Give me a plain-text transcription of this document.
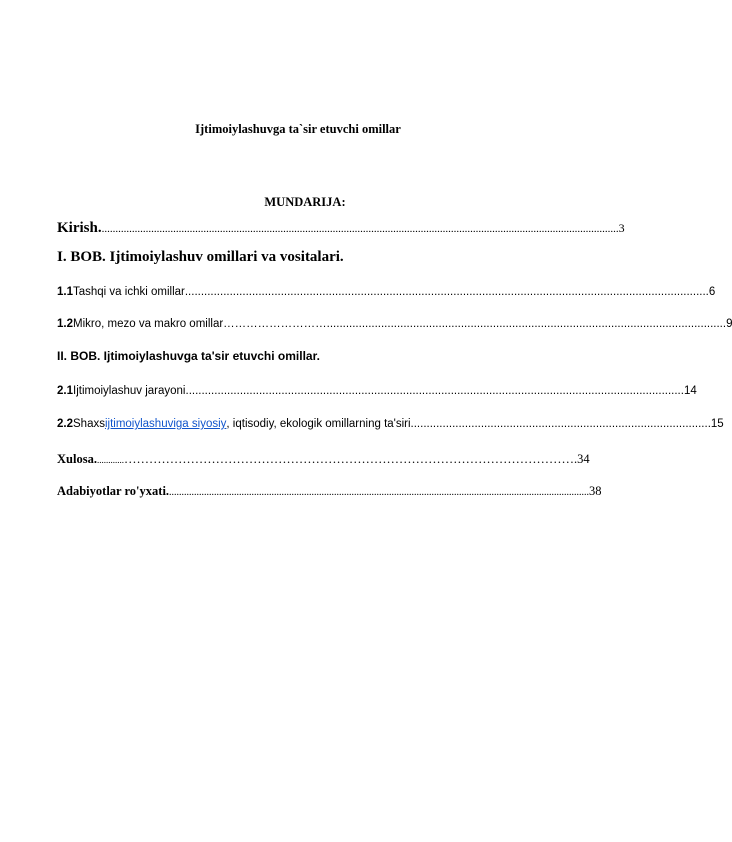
Ijtimoiylashuvga ta`sir etuvchi omillar
MUNDARIJA:
Kirish. ............................................................................................................................................................................................ 3
I. BOB. Ijtimoiylashuv omillari va vositalari.
1.1 Tashqi va ichki omillar .................................................................................................................................................................... 6
1.2 Mikro, mezo va makro omillar ………………………............................................................................................................................. 9
II. BOB. Ijtimoiylashuvga ta'sir etuvchi omillar.
2.1 Ijtimoiylashuv jarayoni ............................................................................................................................................................ 14
2.2 Shaxs ijtimoiylashuviga siyosiy , iqtisodiy, ekologik omillarning ta'siri .............................................................................................. 15
Xulosa. ............………………………………………………………………………………………………. 34
Adabiyotlar ro'yxati. ........................................................................................................................................................................ 38
